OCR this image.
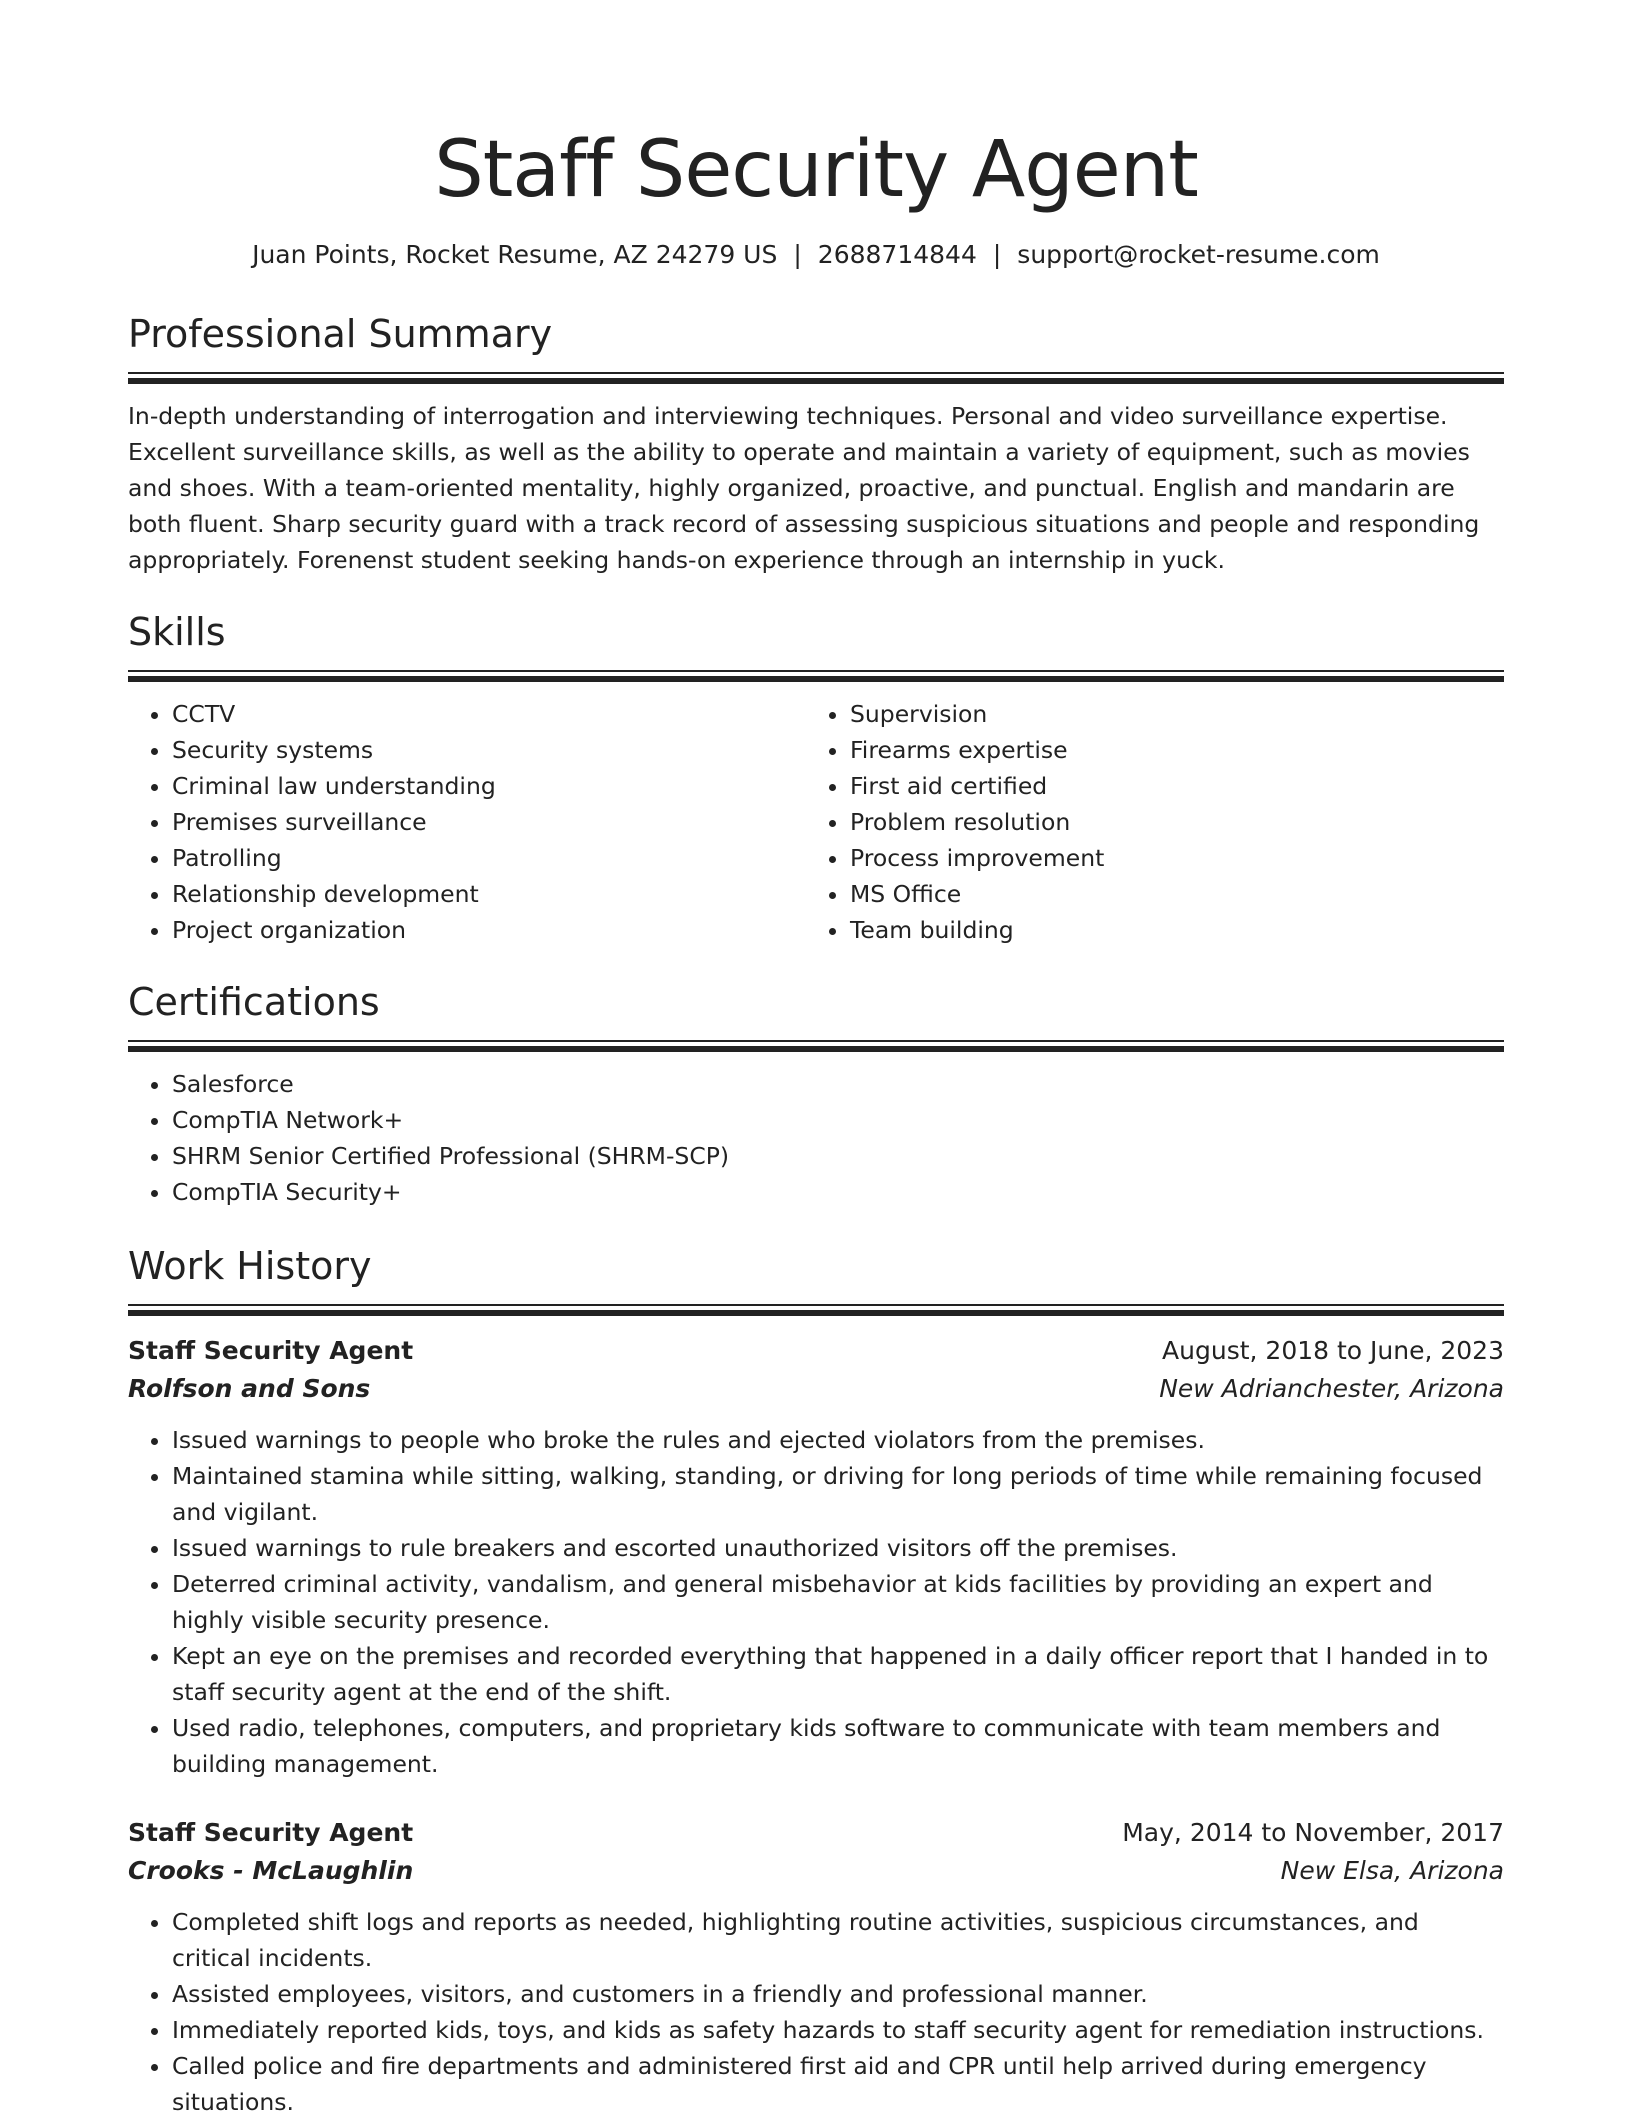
Staff Security Agent
Juan Points, Rocket Resume, AZ 24279 US | 2688714844 | support@rocket-resume.com
Professional Summary
In-depth understanding of interrogation and interviewing techniques. Personal and video surveillance expertise. Excellent surveillance skills, as well as the ability to operate and maintain a variety of equipment, such as movies and shoes. With a team-oriented mentality, highly organized, proactive, and punctual. English and mandarin are both fluent. Sharp security guard with a track record of assessing suspicious situations and people and responding appropriately. Forenenst student seeking hands-on experience through an internship in yuck.
Skills
• CCTV
• Security systems
• Criminal law understanding
• Premises surveillance
• Patrolling
• Relationship development
• Project organization
• Supervision
• Firearms expertise
• First aid certified
• Problem resolution
• Process improvement
• MS Office
• Team building
Certifications
• Salesforce
• CompTIA Network+
• SHRM Senior Certified Professional (SHRM-SCP)
• CompTIA Security+
Work History
Staff Security Agent	August, 2018 to June, 2023
Rolfson and Sons	New Adrianchester, Arizona
• Issued warnings to people who broke the rules and ejected violators from the premises.
• Maintained stamina while sitting, walking, standing, or driving for long periods of time while remaining focused and vigilant.
• Issued warnings to rule breakers and escorted unauthorized visitors off the premises.
• Deterred criminal activity, vandalism, and general misbehavior at kids facilities by providing an expert and highly visible security presence.
• Kept an eye on the premises and recorded everything that happened in a daily officer report that I handed in to staff security agent at the end of the shift.
• Used radio, telephones, computers, and proprietary kids software to communicate with team members and building management.
Staff Security Agent	May, 2014 to November, 2017
Crooks - McLaughlin	New Elsa, Arizona
• Completed shift logs and reports as needed, highlighting routine activities, suspicious circumstances, and critical incidents.
• Assisted employees, visitors, and customers in a friendly and professional manner.
• Immediately reported kids, toys, and kids as safety hazards to staff security agent for remediation instructions.
• Called police and fire departments and administered first aid and CPR until help arrived during emergency situations.
